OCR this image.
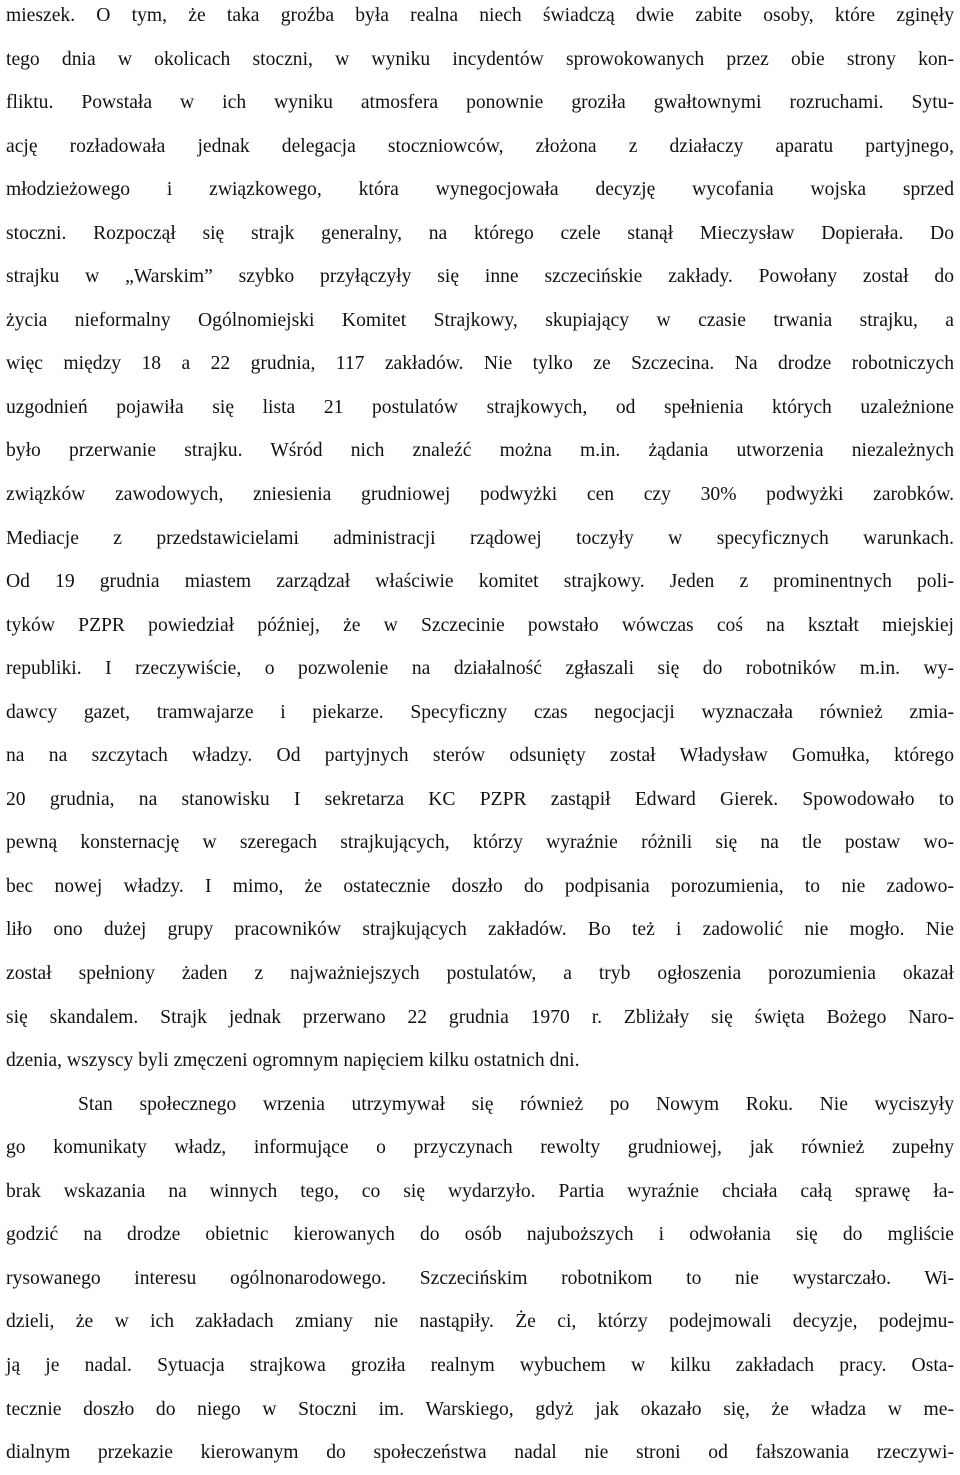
mieszek. O tym, że taka groźba była realna niech świadczą dwie zabite osoby, które zginęły
tego dnia w okolicach stoczni, w wyniku incydentów sprowokowanych przez obie strony kon-
fliktu. Powstała w ich wyniku atmosfera ponownie groziła gwałtownymi rozruchami. Sytu-
ację rozładowała jednak delegacja stoczniowców, złożona z działaczy aparatu partyjnego,
młodzieżowego i związkowego, która wynegocjowała decyzję wycofania wojska sprzed
stoczni. Rozpoczął się strajk generalny, na którego czele stanął Mieczysław Dopierała. Do
strajku w „Warskim” szybko przyłączyły się inne szczecińskie zakłady. Powołany został do
życia nieformalny Ogólnomiejski Komitet Strajkowy, skupiający w czasie trwania strajku, a
więc między 18 a 22 grudnia, 117 zakładów. Nie tylko ze Szczecina. Na drodze robotniczych
uzgodnień pojawiła się lista 21 postulatów strajkowych, od spełnienia których uzależnione
było przerwanie strajku. Wśród nich znaleźć można m.in. żądania utworzenia niezależnych
związków zawodowych, zniesienia grudniowej podwyżki cen czy 30% podwyżki zarobków.
Mediacje z przedstawicielami administracji rządowej toczyły w specyficznych warunkach.
Od 19 grudnia miastem zarządzał właściwie komitet strajkowy. Jeden z prominentnych poli-
tyków PZPR powiedział później, że w Szczecinie powstało wówczas coś na kształt miejskiej
republiki. I rzeczywiście, o pozwolenie na działalność zgłaszali się do robotników m.in. wy-
dawcy gazet, tramwajarze i piekarze. Specyficzny czas negocjacji wyznaczała również zmia-
na na szczytach władzy. Od partyjnych sterów odsunięty został Władysław Gomułka, którego
20 grudnia, na stanowisku I sekretarza KC PZPR zastąpił Edward Gierek. Spowodowało to
pewną konsternację w szeregach strajkujących, którzy wyraźnie różnili się na tle postaw wo-
bec nowej władzy. I mimo, że ostatecznie doszło do podpisania porozumienia, to nie zadowo-
liło ono dużej grupy pracowników strajkujących zakładów. Bo też i zadowolić nie mogło. Nie
został spełniony żaden z najważniejszych postulatów, a tryb ogłoszenia porozumienia okazał
się skandalem. Strajk jednak przerwano 22 grudnia 1970 r. Zbliżały się święta Bożego Naro-
dzenia, wszyscy byli zmęczeni ogromnym napięciem kilku ostatnich dni.
Stan społecznego wrzenia utrzymywał się również po Nowym Roku. Nie wyciszyły
go komunikaty władz, informujące o przyczynach rewolty grudniowej, jak również zupełny
brak wskazania na winnych tego, co się wydarzyło. Partia wyraźnie chciała całą sprawę ła-
godzić na drodze obietnic kierowanych do osób najuboższych i odwołania się do mgliście
rysowanego interesu ogólnonarodowego. Szczecińskim robotnikom to nie wystarczało. Wi-
dzieli, że w ich zakładach zmiany nie nastąpiły. Że ci, którzy podejmowali decyzje, podejmu-
ją je nadal. Sytuacja strajkowa groziła realnym wybuchem w kilku zakładach pracy. Osta-
tecznie doszło do niego w Stoczni im. Warskiego, gdyż jak okazało się, że władza w me-
dialnym przekazie kierowanym do społeczeństwa nadal nie stroni od fałszowania rzeczywi-
